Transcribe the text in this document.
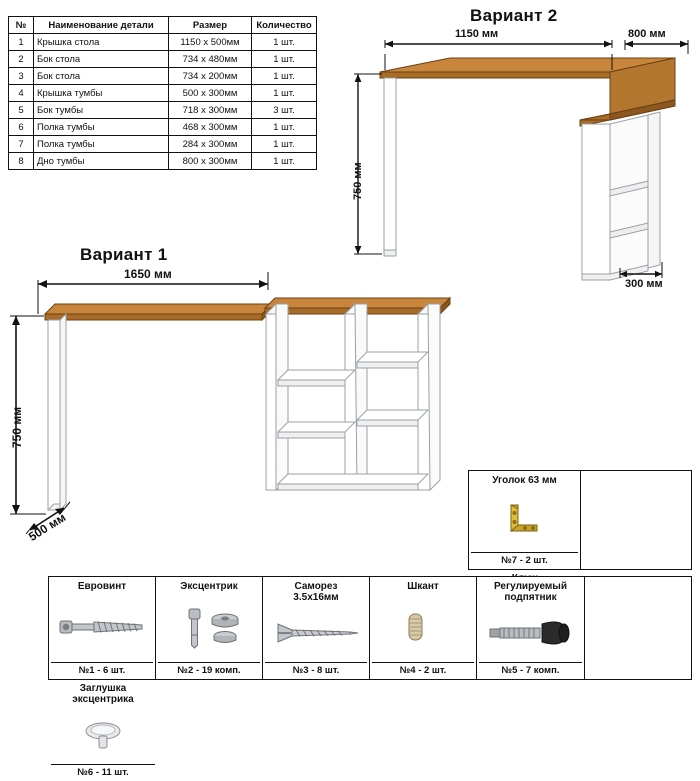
№	Наименование детали	Размер	Количество
1	Крышка стола	1150 x 500мм	1 шт.
2	Бок стола	734 x 480мм	1 шт.
3	Бок стола	734 x 200мм	1 шт.
4	Крышка тумбы	500 x 300мм	1 шт.
5	Бок тумбы	718 x 300мм	3 шт.
6	Полка тумбы	468 x 300мм	1 шт.
7	Полка тумбы	284 x 300мм	1 шт.
8	Дно тумбы	800 x 300мм	1 шт.
Вариант 2
1150 мм	800 мм
750 мм
300 мм
Вариант 1
1650 мм
750 мм
500 мм
Уголок 63 мм
№7 - 2 шт.
Евровинт
№1 - 6 шт.
Эксцентрик
№2 - 19 комп.
Саморез
3.5x16мм
№3 - 8 шт.
Шкант
№4 - 2 шт.
Регулируемый
подпятник
№5 - 7 комп.
Заглушка
эксцентрика
№6 - 11 шт.
